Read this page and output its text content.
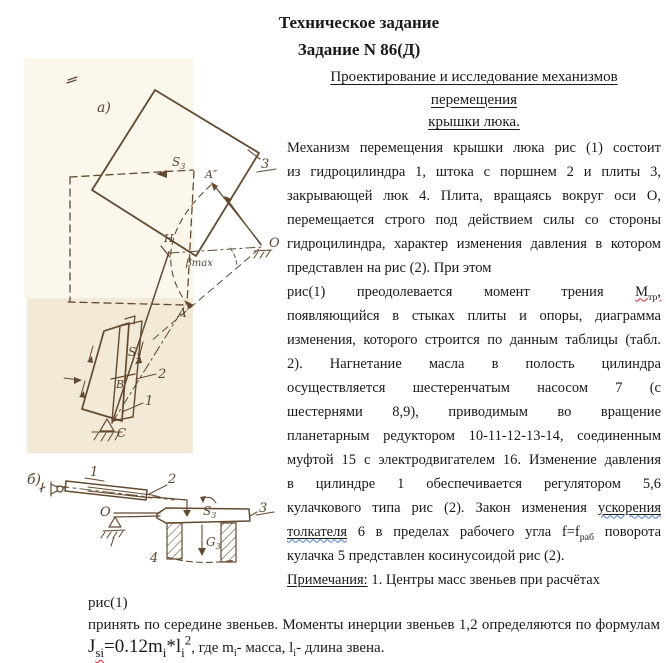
Техническое задание
Задание N 86(Д)
а)
$S_3$
A″
3
O
H
βmax
A′
$S_2$
B
C
2
1
б)	1	2
О	$S_3$
$G_3$
3
4
Проектирование и исследование механизмов
перемещения
крышки люка.
Механизм перемещения крышки люка рис (1) состоит
из гидроцилиндра 1, штока с поршнем 2 и плиты 3,
закрывающей люк 4. Плита, вращаясь вокруг оси О,
перемещается строго под действием силы со стороны
гидроцилиндра, характер изменения давления в котором
представлен на рис (2). При этом
рис(1) преодолевается момент трения $М_{тр}$,
появляющийся в стыках плиты и опоры, диаграмма
изменения, которого строится по данным таблицы (табл.
2). Нагнетание масла в полость цилиндра
осуществляется шестеренчатым насосом 7 (с
шестернями 8,9), приводимым во вращение
планетарным редуктором 10-11-12-13-14, соединенным
муфтой 15 с электродвигателем 16. Изменение давления
в цилиндре 1 обеспечивается регулятором 5,6
кулачкового типа рис (2). Закон изменения ускорения
толкателя 6 в пределах рабочего угла $f=f_{раб}$ поворота
кулачка 5 представлен косинусоидой рис (2).
Примечания: 1. Центры масс звеньев при расчётах
рис(1)
принять по середине звеньев. Моменты инерции звеньев 1,2 определяются по формулам
$J_{si}=0.12m_i*l_i^2$, где $m_i-$ масса, $l_i-$ длина звена.
